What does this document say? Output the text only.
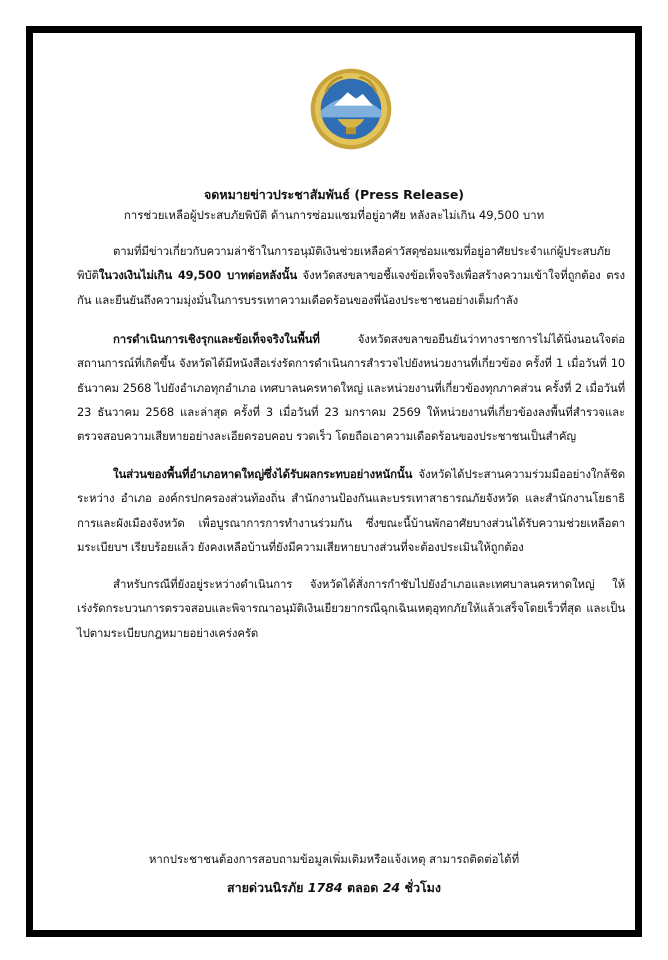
จดหมายข่าวประชาสัมพันธ์ (Press Release)
การช่วยเหลือผู้ประสบภัยพิบัติ ด้านการซ่อมแซมที่อยู่อาศัย หลังละไม่เกิน 49,500 บาท
ตามที่มีข่าวเกี่ยวกับความล่าช้าในการอนุมัติเงินช่วยเหลือค่าวัสดุซ่อมแซมที่อยู่อาศัยประจำแก่ผู้ประสบภัยพิบัติในวงเงินไม่เกิน 49,500 บาทต่อหลังนั้น จังหวัดสงขลาขอชี้แจงข้อเท็จจริงเพื่อสร้างความเข้าใจที่ถูกต้อง ตรงกัน และยืนยันถึงความมุ่งมั่นในการบรรเทาความเดือดร้อนของพี่น้องประชาชนอย่างเต็มกำลัง
การดำเนินการเชิงรุกและข้อเท็จจริงในพื้นที่ จังหวัดสงขลาขอยืนยันว่าทางราชการไม่ได้นิ่งนอนใจต่อสถานการณ์ที่เกิดขึ้น จังหวัดได้มีหนังสือเร่งรัดการดำเนินการสำรวจไปยังหน่วยงานที่เกี่ยวข้อง ครั้งที่ 1 เมื่อวันที่ 10 ธันวาคม 2568 ไปยังอำเภอทุกอำเภอ เทศบาลนครหาดใหญ่ และหน่วยงานที่เกี่ยวข้องทุกภาคส่วน ครั้งที่ 2 เมื่อวันที่ 23 ธันวาคม 2568 และล่าสุด ครั้งที่ 3 เมื่อวันที่ 23 มกราคม 2569 ให้หน่วยงานที่เกี่ยวข้องลงพื้นที่สำรวจและตรวจสอบความเสียหายอย่างละเอียดรอบคอบ รวดเร็ว โดยถือเอาความเดือดร้อนของประชาชนเป็นสำคัญ
ในส่วนของพื้นที่อำเภอหาดใหญ่ซึ่งได้รับผลกระทบอย่างหนักนั้น จังหวัดได้ประสานความร่วมมืออย่างใกล้ชิดระหว่าง อำเภอ องค์กรปกครองส่วนท้องถิ่น สำนักงานป้องกันและบรรเทาสาธารณภัยจังหวัด และสำนักงานโยธาธิการและผังเมืองจังหวัด เพื่อบูรณาการการทำงานร่วมกัน ซึ่งขณะนี้บ้านพักอาศัยบางส่วนได้รับความช่วยเหลือตามระเบียบฯ เรียบร้อยแล้ว ยังคงเหลือบ้านที่ยังมีความเสียหายบางส่วนที่จะต้องประเมินให้ถูกต้อง
สำหรับกรณีที่ยังอยู่ระหว่างดำเนินการ จังหวัดได้สั่งการกำชับไปยังอำเภอและเทศบาลนครหาดใหญ่ ให้เร่งรัดกระบวนการตรวจสอบและพิจารณาอนุมัติเงินเยียวยากรณีฉุกเฉินเหตุอุทกภัยให้แล้วเสร็จโดยเร็วที่สุด และเป็นไปตามระเบียบกฎหมายอย่างเคร่งครัด
หากประชาชนต้องการสอบถามข้อมูลเพิ่มเติมหรือแจ้งเหตุ สามารถติดต่อได้ที่
สายด่วนนิรภัย 1784 ตลอด 24 ชั่วโมง
